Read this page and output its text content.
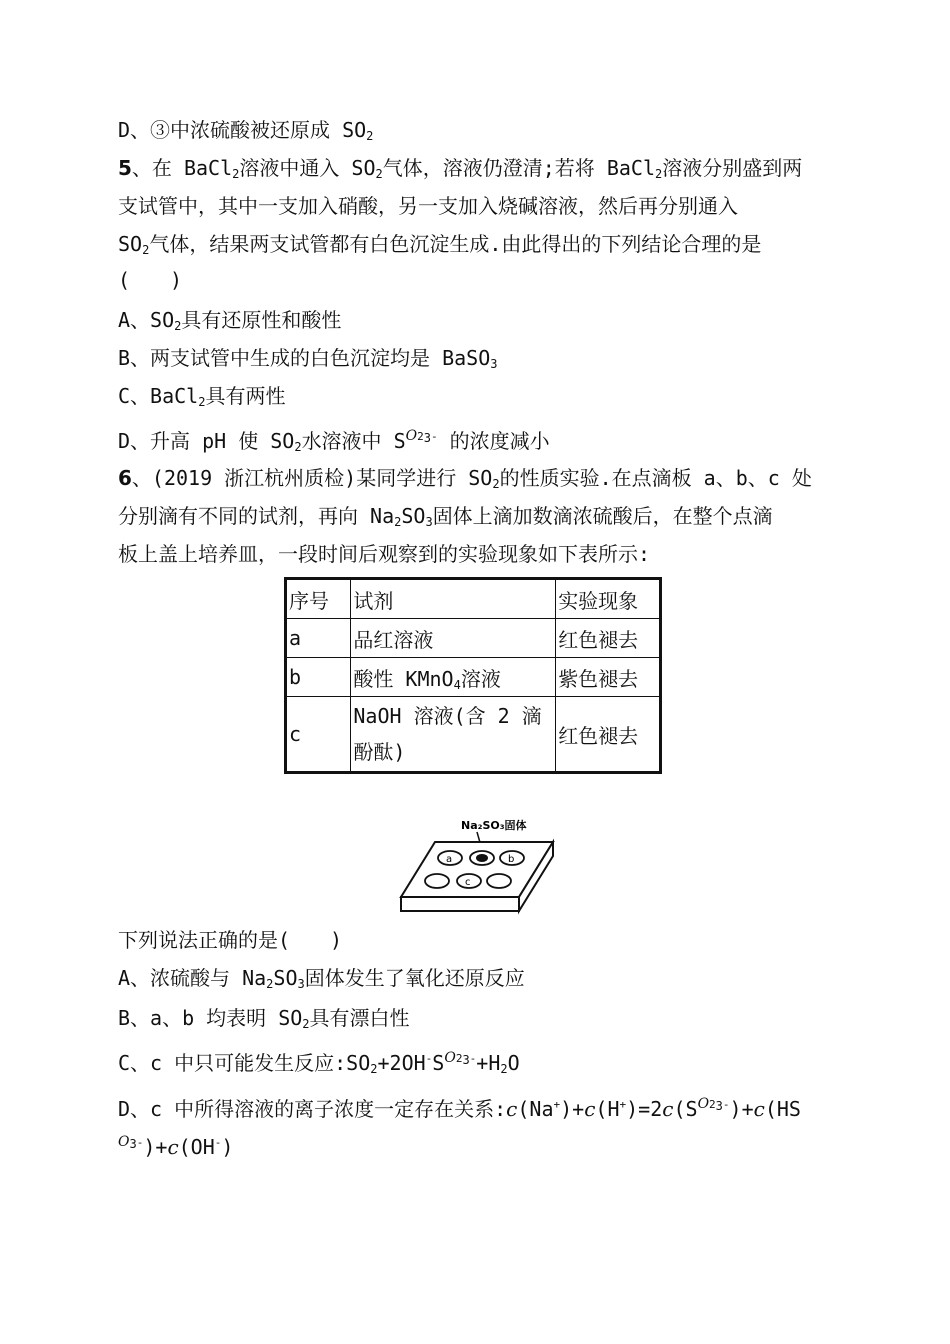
D、③中浓硫酸被还原成 $SO_2$
5、在 BaCl$_2$溶液中通入 $SO_2$气体，溶液仍澄清;若将 BaCl$_2$溶液分别盛到两
支试管中，其中一支加入硝酸，另一支加入烧碱溶液，然后再分别通入
$SO_2$气体，结果两支试管都有白色沉淀生成.由此得出的下列结论合理的是
(　　)
A、$SO_2$具有还原性和酸性
B、两支试管中生成的白色沉淀均是 BaSO$_3$
C、BaCl$_2$具有两性
D、升高 pH 使 $SO_2$水溶液中 $S^{O2}_3^-$ 的浓度减小
6、(2019 浙江杭州质检)某同学进行 $SO_2$的性质实验.在点滴板 a、b、c 处
分别滴有不同的试剂，再向 $Na_2SO_3$固体上滴加数滴浓硫酸后，在整个点滴
板上盖上培养皿，一段时间后观察到的实验现象如下表所示:
序号	试剂	实验现象
a	品红溶液	红色褪去
b	酸性 KMnO$_4$溶液	紫色褪去
c	NaOH 溶液(含 2 滴酚酞)	红色褪去
Na₂SO₃固体
a	b
c
下列说法正确的是(　　)
A、浓硫酸与 $Na_2SO_3$固体发生了氧化还原反应
B、a、b 均表明 $SO_2$具有漂白性
C、c 中只可能发生反应$:SO_2+2OH^-S^{O2}_3^-+H_2O$
D、c 中所得溶液的离子浓度一定存在关系$:c(Na^+)+c(H^+)=2c(S^{O2}_3^-)+c(HS$
$^O_3$-)+c(OH-)
